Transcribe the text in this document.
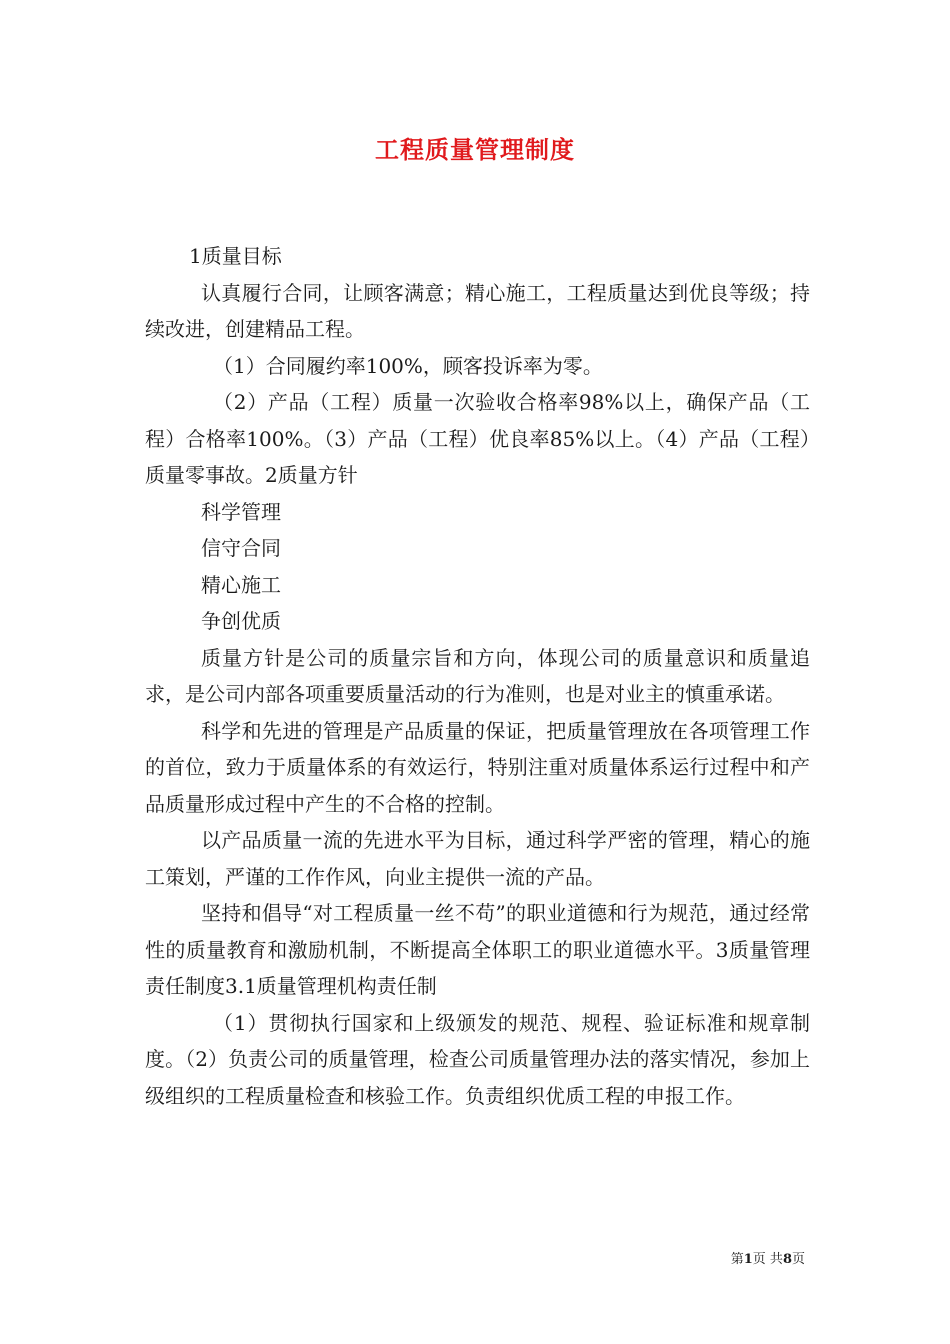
工程质量管理制度

1质量目标

认真履行合同，让顾客满意；精心施工，工程质量达到优良等级；持续改进，创建精品工程。

（1）合同履约率100%，顾客投诉率为零。

（2）产品（工程）质量一次验收合格率98%以上，确保产品（工程）合格率100%。（3）产品（工程）优良率85%以上。（4）产品（工程）质量零事故。2质量方针

科学管理

信守合同

精心施工

争创优质

质量方针是公司的质量宗旨和方向，体现公司的质量意识和质量追求，是公司内部各项重要质量活动的行为准则，也是对业主的慎重承诺。

科学和先进的管理是产品质量的保证，把质量管理放在各项管理工作的首位，致力于质量体系的有效运行，特别注重对质量体系运行过程中和产品质量形成过程中产生的不合格的控制。

以产品质量一流的先进水平为目标，通过科学严密的管理，精心的施工策划，严谨的工作作风，向业主提供一流的产品。

坚持和倡导“对工程质量一丝不苟”的职业道德和行为规范，通过经常性的质量教育和激励机制，不断提高全体职工的职业道德水平。3质量管理责任制度3.1质量管理机构责任制

（1）贯彻执行国家和上级颁发的规范、规程、验证标准和规章制度。（2）负责公司的质量管理，检查公司质量管理办法的落实情况，参加上级组织的工程质量检查和核验工作。负责组织优质工程的申报工作。

第1页 共8页
